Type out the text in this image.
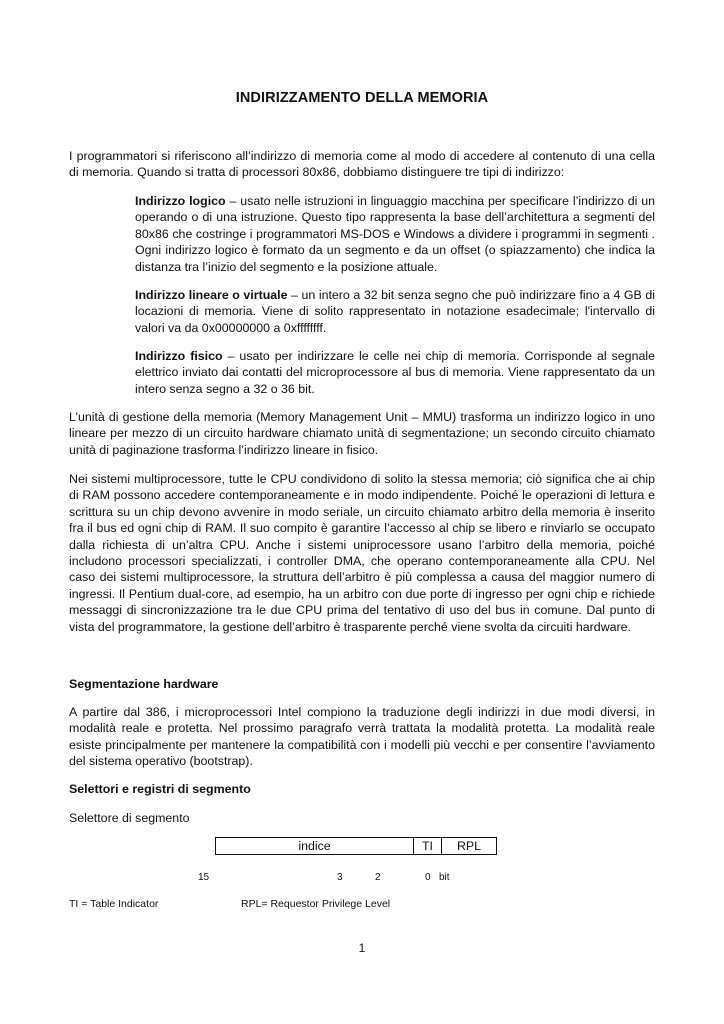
INDIRIZZAMENTO DELLA MEMORIA

I programmatori si riferiscono all’indirizzo di memoria come al modo di accedere al contenuto di una cella di memoria. Quando si tratta di processori 80x86, dobbiamo distinguere tre tipi di indirizzo:

Indirizzo logico – usato nelle istruzioni in linguaggio macchina per specificare l’indirizzo di un operando o di una istruzione. Questo tipo rappresenta la base dell’architettura a segmenti del 80x86 che costringe i programmatori MS-DOS e Windows a dividere i programmi in segmenti . Ogni indirizzo logico è formato da un segmento e da un offset (o spiazzamento) che indica la distanza tra l’inizio del segmento e la posizione attuale.

Indirizzo lineare o virtuale – un intero a 32 bit senza segno che può indirizzare fino a 4 GB di locazioni di memoria. Viene di solito rappresentato in notazione esadecimale; l'intervallo di valori va da 0x00000000 a 0xffffffff.

Indirizzo fisico – usato per indirizzare le celle nei chip di memoria. Corrisponde al segnale elettrico inviato dai contatti del microprocessore al bus di memoria. Viene rappresentato da un intero senza segno a 32 o 36 bit.

L’unità di gestione della memoria (Memory Management Unit – MMU) trasforma un indirizzo logico in uno lineare per mezzo di un circuito hardware chiamato unità di segmentazione; un secondo circuito chiamato unità di paginazione trasforma l’indirizzo lineare in fisico.

Nei sistemi multiprocessore, tutte le CPU condividono di solito la stessa memoria; ciò significa che ai chip di RAM possono accedere contemporaneamente e in modo indipendente. Poiché le operazioni di lettura e scrittura su un chip devono avvenire in modo seriale, un circuito chiamato arbitro della memoria è inserito fra il bus ed ogni chip di RAM. Il suo compito è garantire l’accesso al chip se libero e rinviarlo se occupato dalla richiesta di un’altra CPU. Anche i sistemi uniprocessore usano l’arbitro della memoria, poiché includono processori specializzati, i controller DMA, che operano contemporaneamente alla CPU. Nel caso dei sistemi multiprocessore, la struttura dell’arbitro è più complessa a causa del maggior numero di ingressi. Il Pentium dual-core, ad esempio, ha un arbitro con due porte di ingresso per ogni chip e richiede messaggi di sincronizzazione tra le due CPU prima del tentativo di uso del bus in comune. Dal punto di vista del programmatore, la gestione dell’arbitro è trasparente perché viene svolta da circuiti hardware.

Segmentazione hardware

A partire dal 386, i microprocessori Intel compiono la traduzione degli indirizzi in due modi diversi, in modalità reale e protetta. Nel prossimo paragrafo verrà trattata la modalità protetta. La modalità reale esiste principalmente per mantenere la compatibilità con i modelli più vecchi e per consentire l’avviamento del sistema operativo (bootstrap).

Selettori e registri di segmento
Selettore di segmento
indice	TI	RPL
15	3	2	0 bit
TI = Table Indicator	RPL= Requestor Privilege Level
1
